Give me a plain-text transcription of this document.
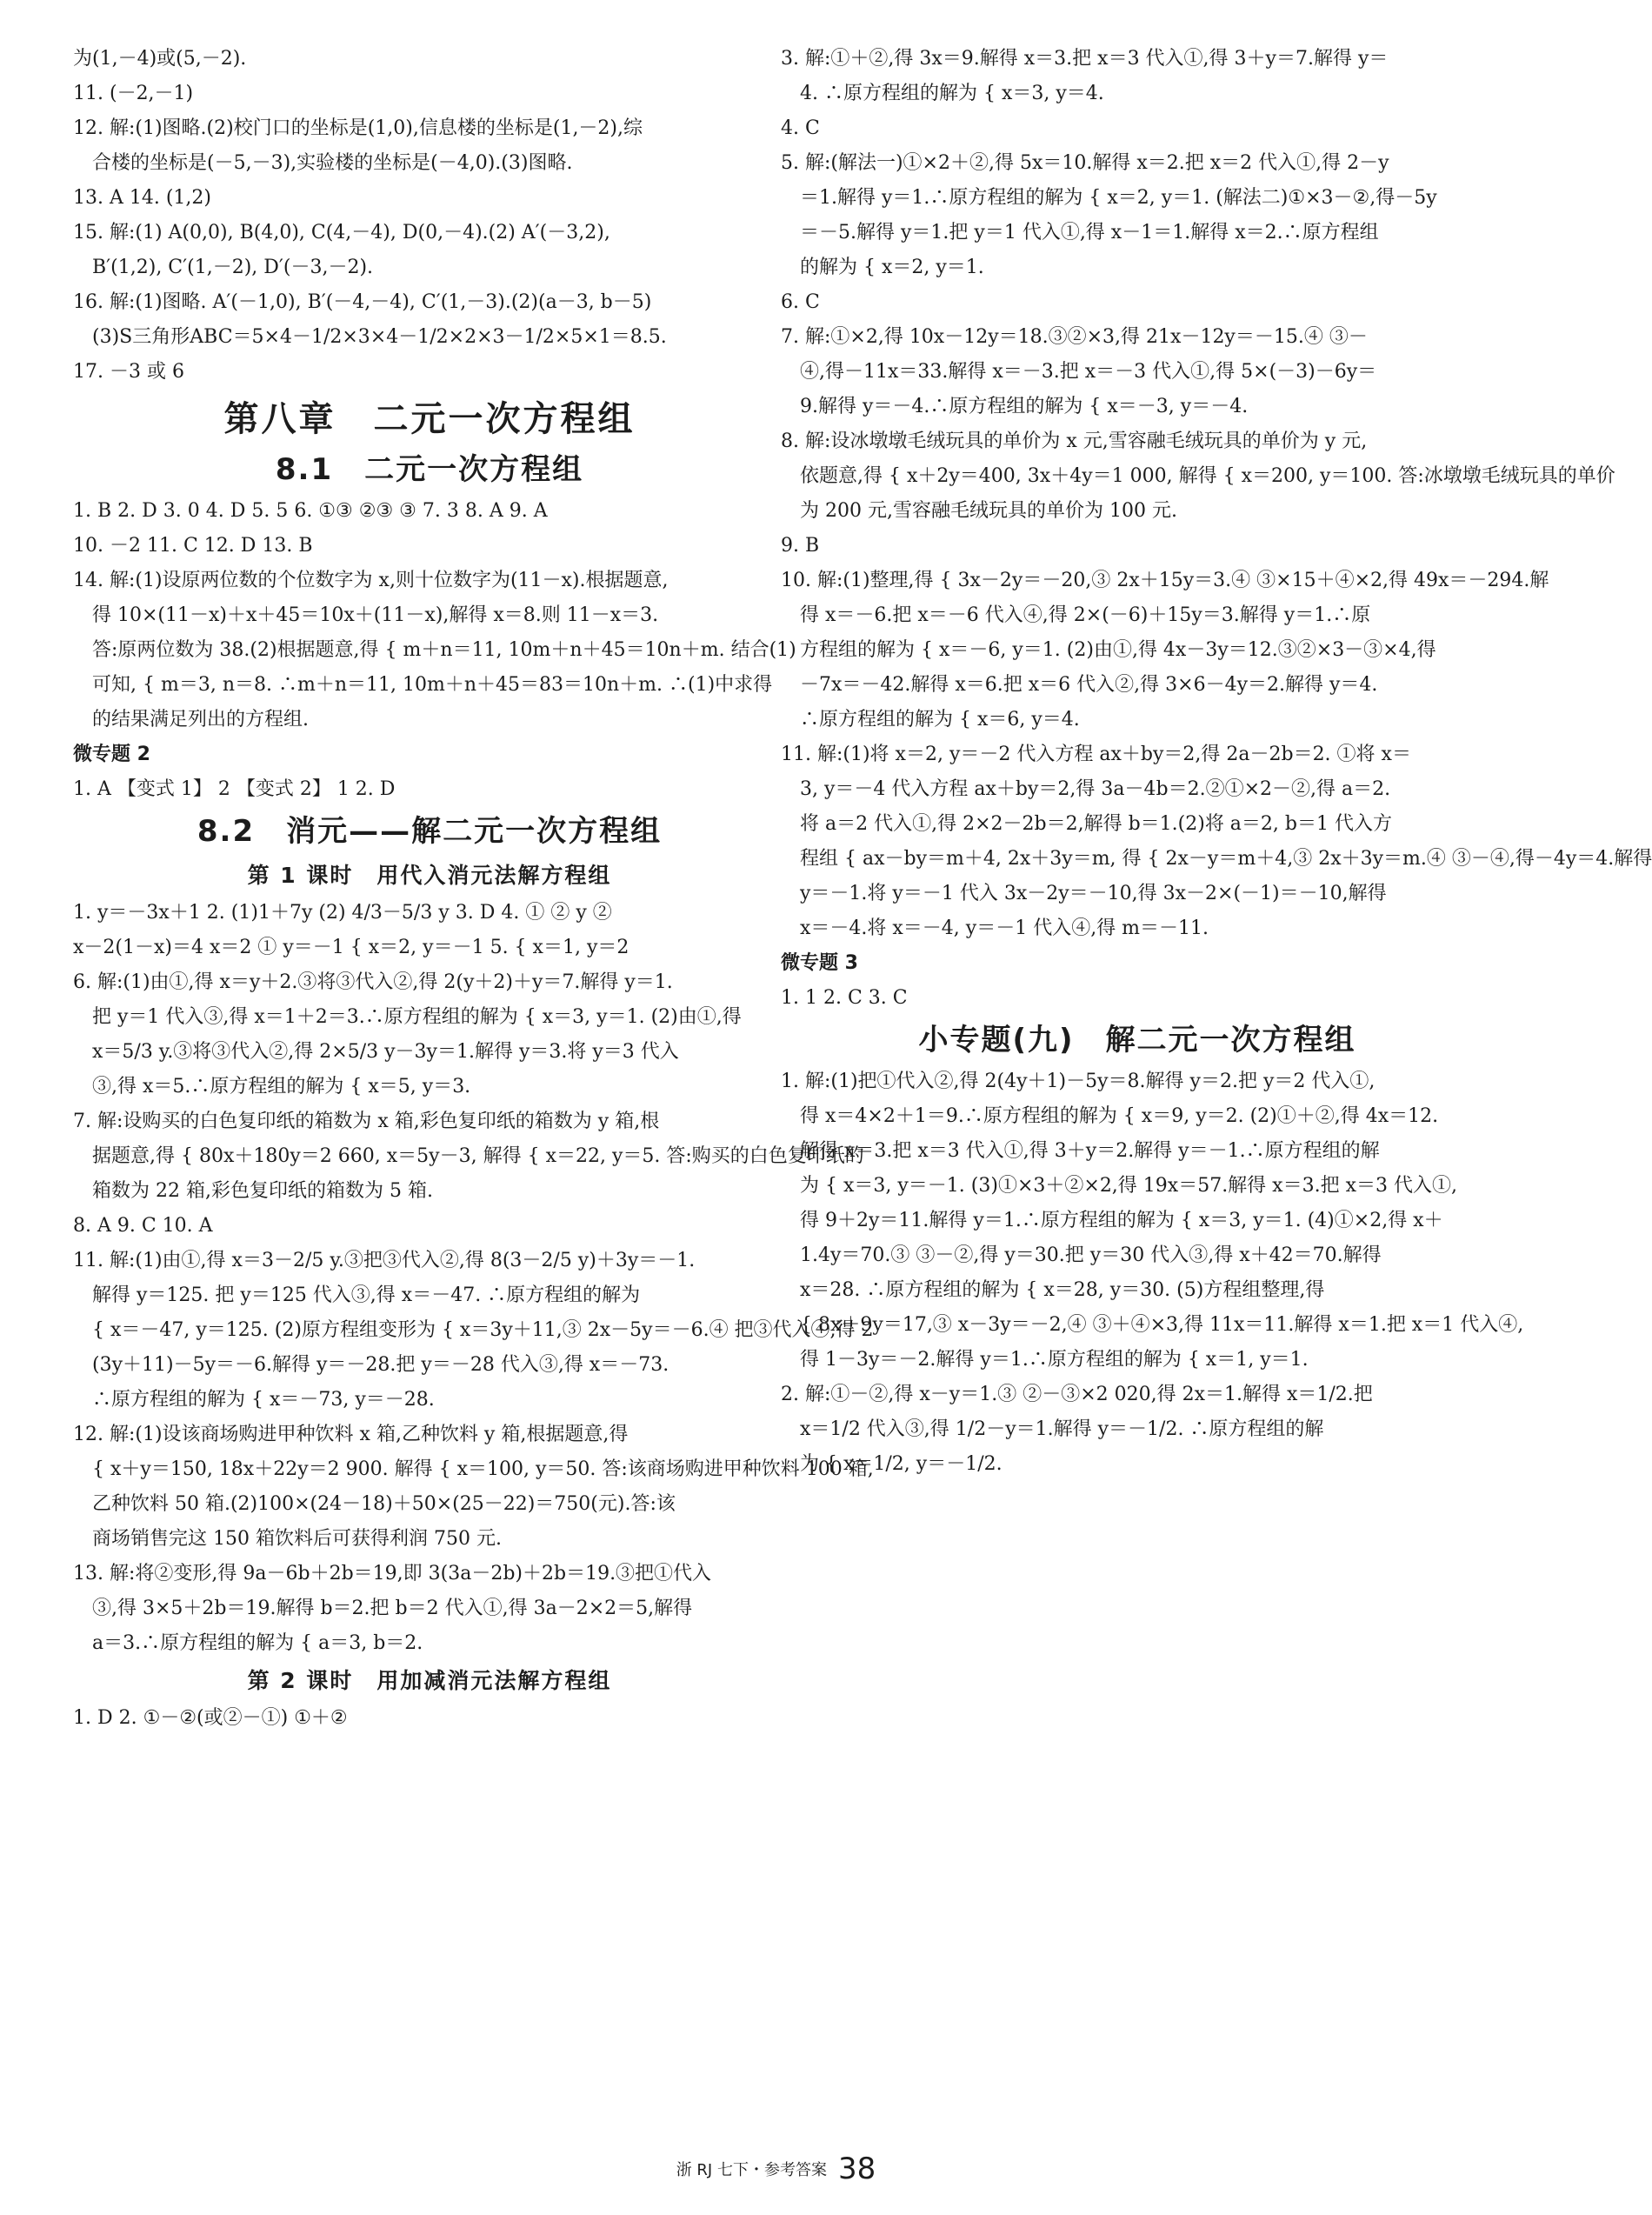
为(1,－4)或(5,－2).
11. (－2,－1)
12. 解:(1)图略.(2)校门口的坐标是(1,0),信息楼的坐标是(1,－2),综
合楼的坐标是(－5,－3),实验楼的坐标是(－4,0).(3)图略.
13. A 14. (1,2)
15. 解:(1) A(0,0), B(4,0), C(4,－4), D(0,－4).(2) A′(－3,2),
B′(1,2), C′(1,－2), D′(－3,－2).
16. 解:(1)图略. A′(－1,0), B′(－4,－4), C′(1,－3).(2)(a－3, b－5)
(3)S三角形ABC＝5×4－1/2×3×4－1/2×2×3－1/2×5×1＝8.5.
17. －3 或 6
第八章　二元一次方程组
8.1　二元一次方程组
1. B 2. D 3. 0 4. D 5. 5 6. ①③ ②③ ③ 7. 3 8. A 9. A
10. －2 11. C 12. D 13. B
14. 解:(1)设原两位数的个位数字为 x,则十位数字为(11－x).根据题意,
得 10×(11－x)＋x＋45＝10x＋(11－x),解得 x＝8.则 11－x＝3.
答:原两位数为 38.(2)根据题意,得 { m＋n＝11, 10m＋n＋45＝10n＋m. 结合(1)
可知, { m＝3, n＝8. ∴m＋n＝11, 10m＋n＋45＝83＝10n＋m. ∴(1)中求得
的结果满足列出的方程组.
微专题 2
1. A 【变式 1】 2 【变式 2】 1 2. D
8.2　消元——解二元一次方程组
第 1 课时　用代入消元法解方程组
1. y＝－3x＋1 2. (1)1＋7y (2) 4/3－5/3 y 3. D 4. ① ② y ②
x－2(1－x)＝4 x＝2 ① y＝－1 { x＝2, y＝－1 5. { x＝1, y＝2
6. 解:(1)由①,得 x＝y＋2.③将③代入②,得 2(y＋2)＋y＝7.解得 y＝1.
把 y＝1 代入③,得 x＝1＋2＝3.∴原方程组的解为 { x＝3, y＝1. (2)由①,得
x＝5/3 y.③将③代入②,得 2×5/3 y－3y＝1.解得 y＝3.将 y＝3 代入
③,得 x＝5.∴原方程组的解为 { x＝5, y＝3.
7. 解:设购买的白色复印纸的箱数为 x 箱,彩色复印纸的箱数为 y 箱,根
据题意,得 { 80x＋180y＝2 660, x＝5y－3, 解得 { x＝22, y＝5. 答:购买的白色复印纸的
箱数为 22 箱,彩色复印纸的箱数为 5 箱.
8. A 9. C 10. A
11. 解:(1)由①,得 x＝3－2/5 y.③把③代入②,得 8(3－2/5 y)＋3y＝－1.
解得 y＝125. 把 y＝125 代入③,得 x＝－47. ∴原方程组的解为
{ x＝－47, y＝125. (2)原方程组变形为 { x＝3y＋11,③ 2x－5y＝－6.④ 把③代入④,得 2
(3y＋11)－5y＝－6.解得 y＝－28.把 y＝－28 代入③,得 x＝－73.
∴原方程组的解为 { x＝－73, y＝－28.
12. 解:(1)设该商场购进甲种饮料 x 箱,乙种饮料 y 箱,根据题意,得
{ x＋y＝150, 18x＋22y＝2 900. 解得 { x＝100, y＝50. 答:该商场购进甲种饮料 100 箱,
乙种饮料 50 箱.(2)100×(24－18)＋50×(25－22)＝750(元).答:该
商场销售完这 150 箱饮料后可获得利润 750 元.
13. 解:将②变形,得 9a－6b＋2b＝19,即 3(3a－2b)＋2b＝19.③把①代入
③,得 3×5＋2b＝19.解得 b＝2.把 b＝2 代入①,得 3a－2×2＝5,解得
a＝3.∴原方程组的解为 { a＝3, b＝2.
第 2 课时　用加减消元法解方程组
1. D 2. ①－②(或②－①) ①＋②
3. 解:①＋②,得 3x＝9.解得 x＝3.把 x＝3 代入①,得 3＋y＝7.解得 y＝
4. ∴原方程组的解为 { x＝3, y＝4.
4. C
5. 解:(解法一)①×2＋②,得 5x＝10.解得 x＝2.把 x＝2 代入①,得 2－y
＝1.解得 y＝1.∴原方程组的解为 { x＝2, y＝1. (解法二)①×3－②,得－5y
＝－5.解得 y＝1.把 y＝1 代入①,得 x－1＝1.解得 x＝2.∴原方程组
的解为 { x＝2, y＝1.
6. C
7. 解:①×2,得 10x－12y＝18.③②×3,得 21x－12y＝－15.④ ③－
④,得－11x＝33.解得 x＝－3.把 x＝－3 代入①,得 5×(－3)－6y＝
9.解得 y＝－4.∴原方程组的解为 { x＝－3, y＝－4.
8. 解:设冰墩墩毛绒玩具的单价为 x 元,雪容融毛绒玩具的单价为 y 元,
依题意,得 { x＋2y＝400, 3x＋4y＝1 000, 解得 { x＝200, y＝100. 答:冰墩墩毛绒玩具的单价
为 200 元,雪容融毛绒玩具的单价为 100 元.
9. B
10. 解:(1)整理,得 { 3x－2y＝－20,③ 2x＋15y＝3.④ ③×15＋④×2,得 49x＝－294.解
得 x＝－6.把 x＝－6 代入④,得 2×(－6)＋15y＝3.解得 y＝1.∴原
方程组的解为 { x＝－6, y＝1. (2)由①,得 4x－3y＝12.③②×3－③×4,得
－7x＝－42.解得 x＝6.把 x＝6 代入②,得 3×6－4y＝2.解得 y＝4.
∴原方程组的解为 { x＝6, y＝4.
11. 解:(1)将 x＝2, y＝－2 代入方程 ax＋by＝2,得 2a－2b＝2. ①将 x＝
3, y＝－4 代入方程 ax＋by＝2,得 3a－4b＝2.②①×2－②,得 a＝2.
将 a＝2 代入①,得 2×2－2b＝2,解得 b＝1.(2)将 a＝2, b＝1 代入方
程组 { ax－by＝m＋4, 2x＋3y＝m, 得 { 2x－y＝m＋4,③ 2x＋3y＝m.④ ③－④,得－4y＝4.解得
y＝－1.将 y＝－1 代入 3x－2y＝－10,得 3x－2×(－1)＝－10,解得
x＝－4.将 x＝－4, y＝－1 代入④,得 m＝－11.
微专题 3
1. 1 2. C 3. C
小专题(九)　解二元一次方程组
1. 解:(1)把①代入②,得 2(4y＋1)－5y＝8.解得 y＝2.把 y＝2 代入①,
得 x＝4×2＋1＝9.∴原方程组的解为 { x＝9, y＝2. (2)①＋②,得 4x＝12.
解得 x＝3.把 x＝3 代入①,得 3＋y＝2.解得 y＝－1.∴原方程组的解
为 { x＝3, y＝－1. (3)①×3＋②×2,得 19x＝57.解得 x＝3.把 x＝3 代入①,
得 9＋2y＝11.解得 y＝1.∴原方程组的解为 { x＝3, y＝1. (4)①×2,得 x＋
1.4y＝70.③ ③－②,得 y＝30.把 y＝30 代入③,得 x＋42＝70.解得
x＝28. ∴原方程组的解为 { x＝28, y＝30. (5)方程组整理,得
{ 8x＋9y＝17,③ x－3y＝－2,④ ③＋④×3,得 11x＝11.解得 x＝1.把 x＝1 代入④,
得 1－3y＝－2.解得 y＝1.∴原方程组的解为 { x＝1, y＝1.
2. 解:①－②,得 x－y＝1.③ ②－③×2 020,得 2x＝1.解得 x＝1/2.把
x＝1/2 代入③,得 1/2－y＝1.解得 y＝－1/2. ∴原方程组的解
为 { x＝1/2, y＝－1/2.
浙 RJ 七下・参考答案 38
